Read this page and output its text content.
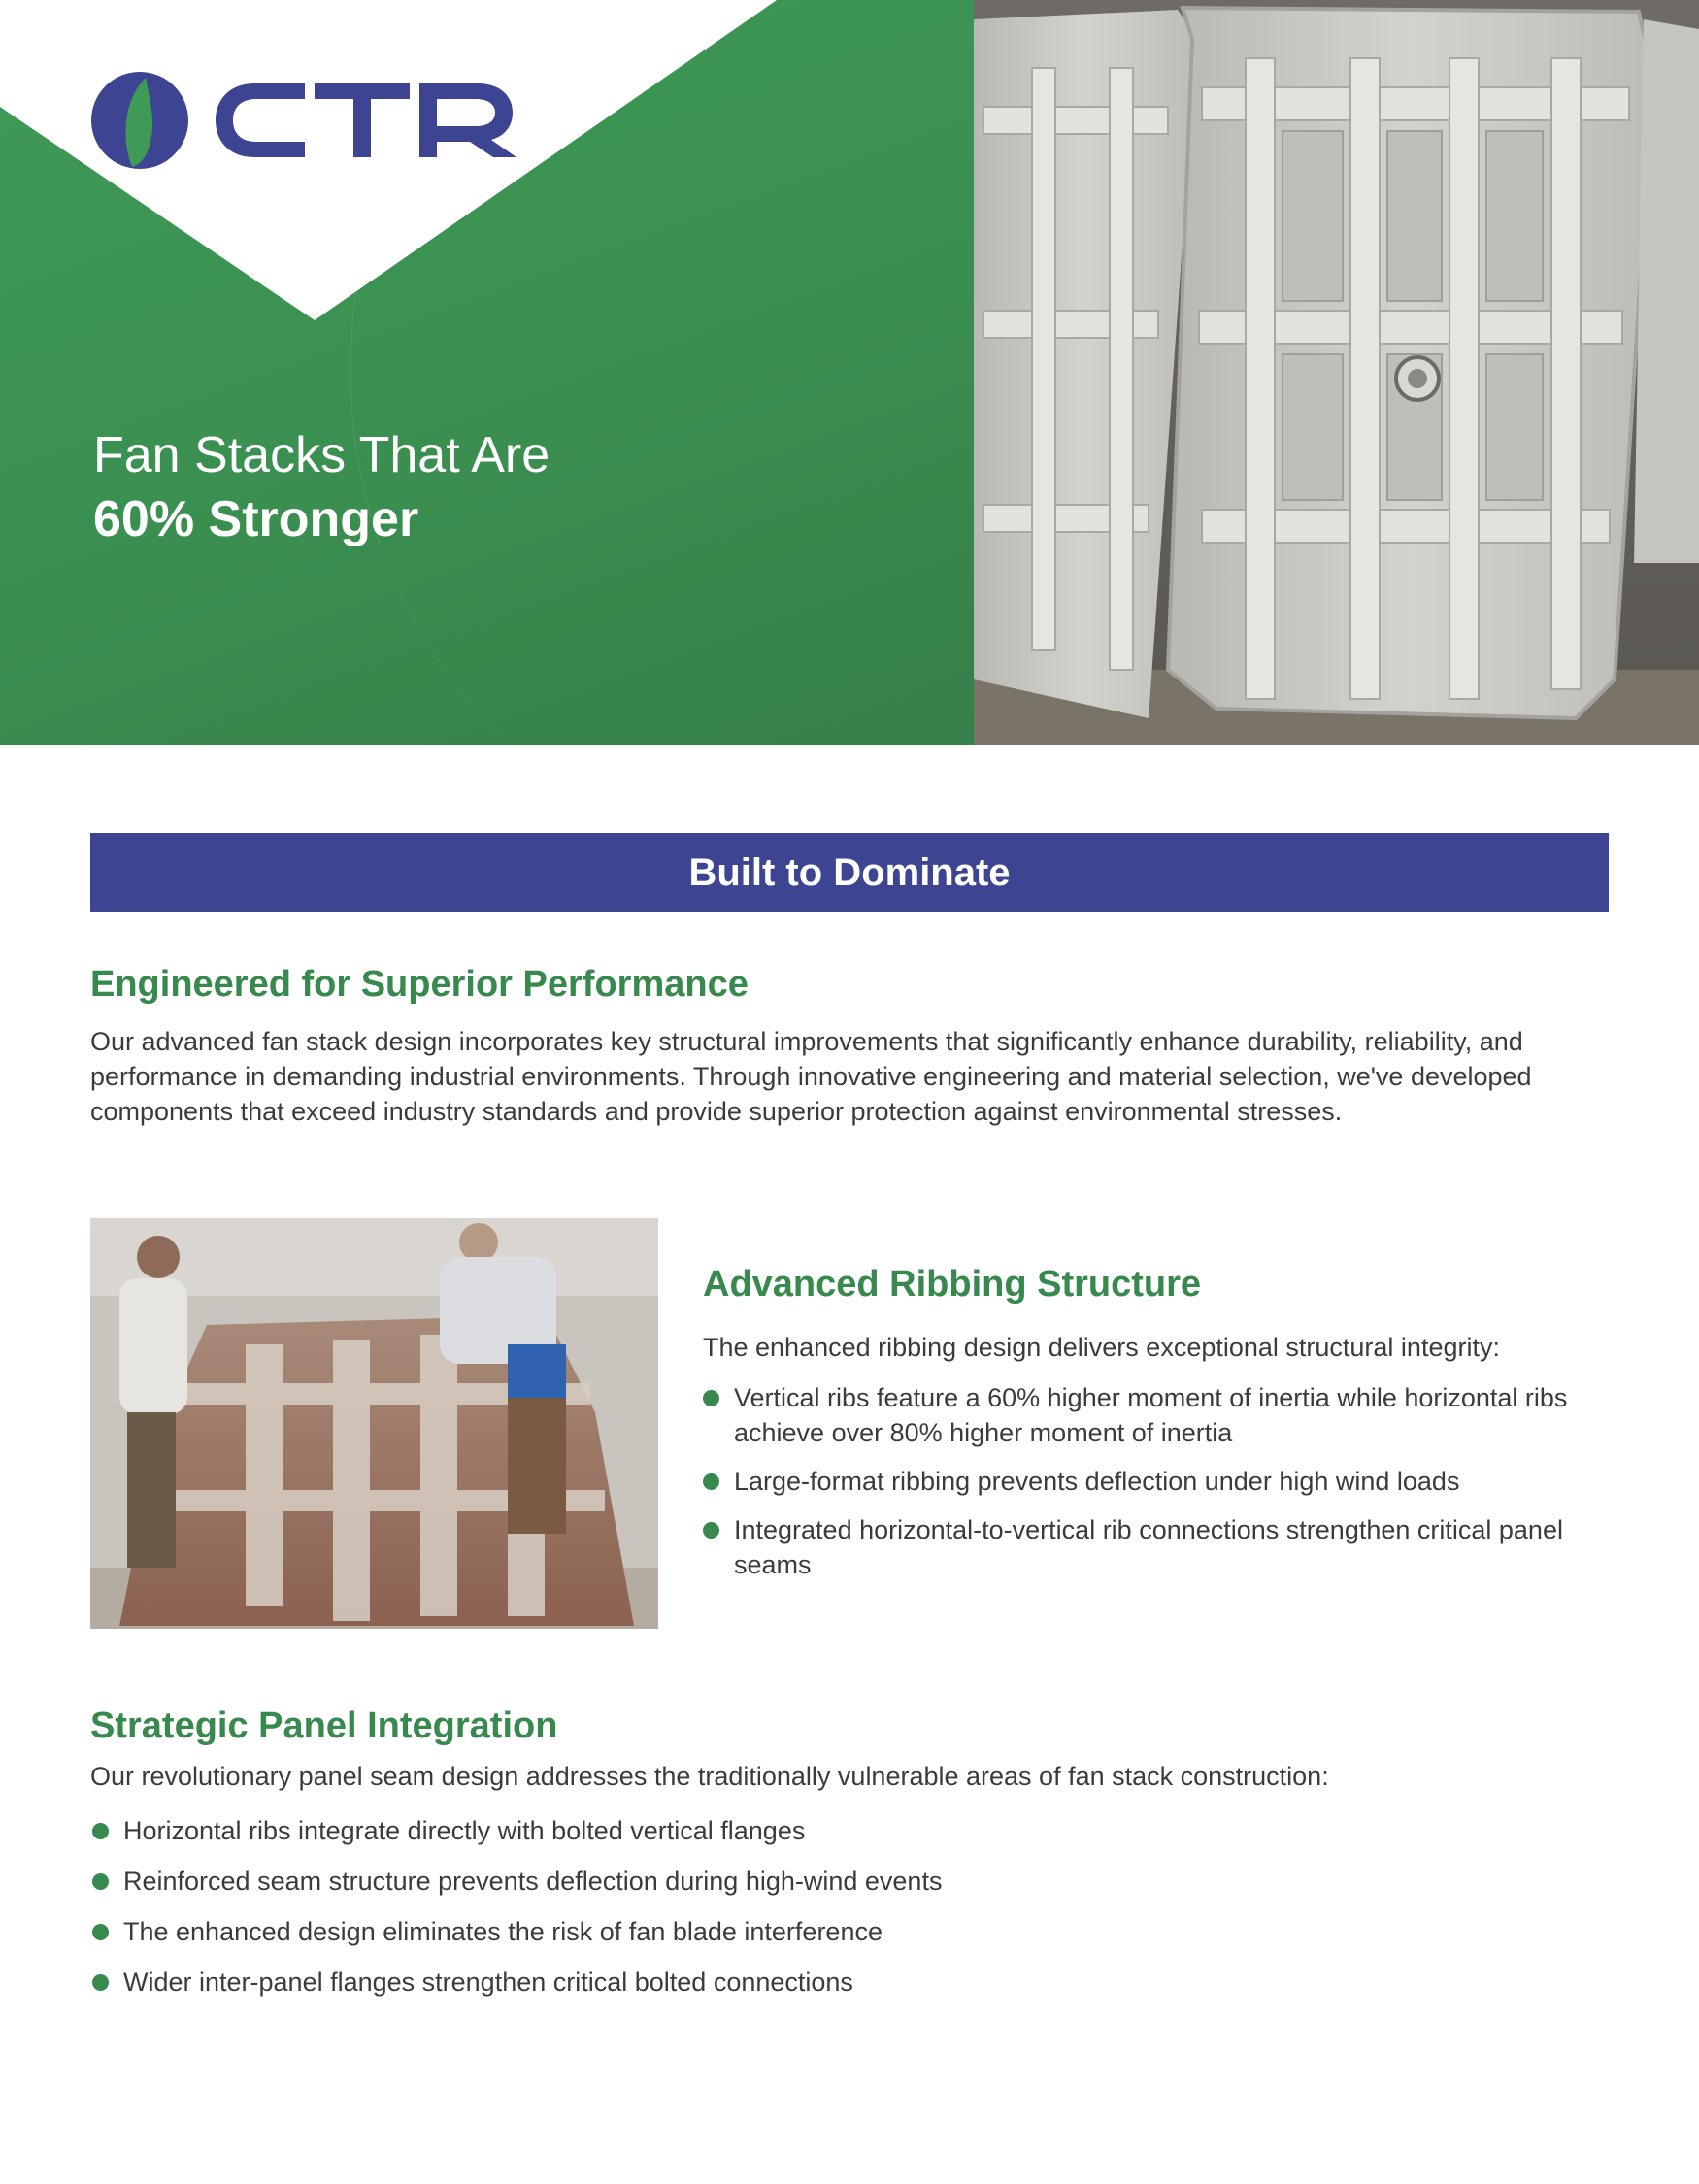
Fan Stacks That Are
60% Stronger
Built to Dominate
Engineered for Superior Performance

Our advanced fan stack design incorporates key structural improvements that significantly enhance durability, reliability, and performance in demanding industrial environments. Through innovative engineering and material selection, we've developed components that exceed industry standards and provide superior protection against environmental stresses.

Advanced Ribbing Structure

The enhanced ribbing design delivers exceptional structural integrity:

Vertical ribs feature a 60% higher moment of inertia while horizontal ribs achieve over 80% higher moment of inertia
Large-format ribbing prevents deflection under high wind loads
Integrated horizontal-to-vertical rib connections strengthen critical panel seams
Strategic Panel Integration

Our revolutionary panel seam design addresses the traditionally vulnerable areas of fan stack construction:

Horizontal ribs integrate directly with bolted vertical flanges
Reinforced seam structure prevents deflection during high-wind events
The enhanced design eliminates the risk of fan blade interference
Wider inter-panel flanges strengthen critical bolted connections
